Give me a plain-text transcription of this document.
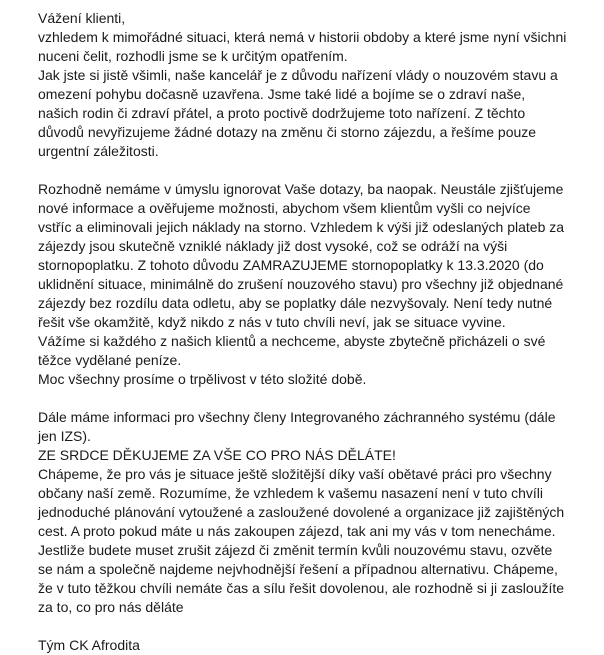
Vážení klienti,
vzhledem k mimořádné situaci, která nemá v historii obdoby a které jsme nyní všichni
nuceni čelit, rozhodli jsme se k určitým opatřením.
Jak jste si jistě všimli, naše kancelář je z důvodu nařízení vlády o nouzovém stavu a
omezení pohybu dočasně uzavřena. Jsme také lidé a bojíme se o zdraví naše,
našich rodin či zdraví přátel, a proto poctivě dodržujeme toto nařízení. Z těchto
důvodů nevyřizujeme žádné dotazy na změnu či storno zájezdu, a řešíme pouze
urgentní záležitosti.
Rozhodně nemáme v úmyslu ignorovat Vaše dotazy, ba naopak. Neustále zjišťujeme
nové informace a ověřujeme možnosti, abychom všem klientům vyšli co nejvíce
vstříc a eliminovali jejich náklady na storno. Vzhledem k výši již odeslaných plateb za
zájezdy jsou skutečně vzniklé náklady již dost vysoké, což se odráží na výši
stornopoplatku. Z tohoto důvodu ZAMRAZUJEME stornopoplatky k 13.3.2020 (do
uklidnění situace, minimálně do zrušení nouzového stavu) pro všechny již objednané
zájezdy bez rozdílu data odletu, aby se poplatky dále nezvyšovaly. Není tedy nutné
řešit vše okamžitě, když nikdo z nás v tuto chvíli neví, jak se situace vyvine.
Vážíme si každého z našich klientů a nechceme, abyste zbytečně přicházeli o své
těžce vydělané peníze.
Moc všechny prosíme o trpělivost v této složité době.
Dále máme informaci pro všechny členy Integrovaného záchranného systému (dále
jen IZS).
ZE SRDCE DĚKUJEME ZA VŠE CO PRO NÁS DĚLÁTE!
Chápeme, že pro vás je situace ještě složitější díky vaší obětavé práci pro všechny
občany naší země. Rozumíme, že vzhledem k vašemu nasazení není v tuto chvíli
jednoduché plánování vytoužené a zasloužené dovolené a organizace již zajištěných
cest. A proto pokud máte u nás zakoupen zájezd, tak ani my vás v tom nenecháme.
Jestliže budete muset zrušit zájezd či změnit termín kvůli nouzovému stavu, ozvěte
se nám a společně najdeme nejvhodnější řešení a případnou alternativu. Chápeme,
že v tuto těžkou chvíli nemáte čas a sílu řešit dovolenou, ale rozhodně si ji zasloužíte
za to, co pro nás děláte
Tým CK Afrodita
